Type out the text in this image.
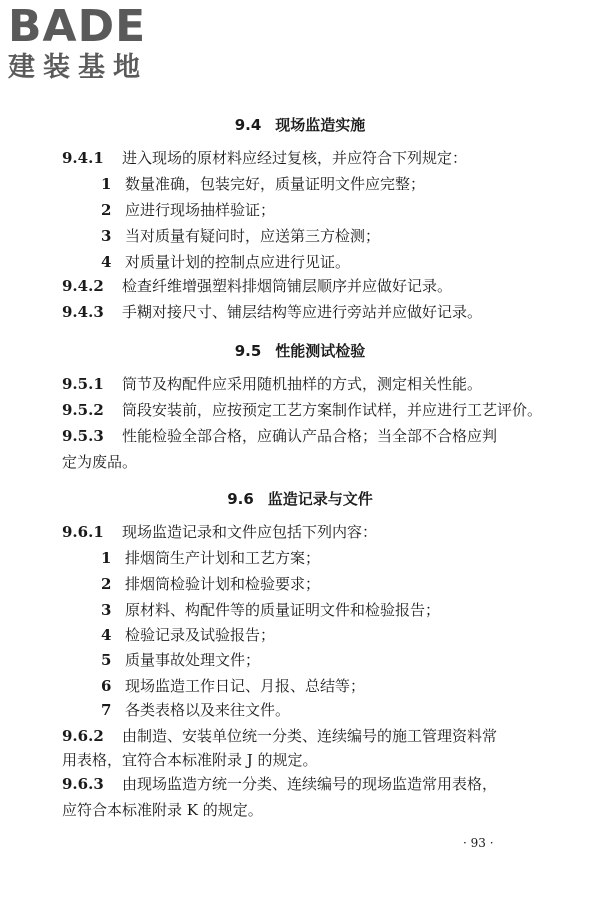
BADE
建装基地
9.4 现场监造实施
9.4.1 进入现场的原材料应经过复核，并应符合下列规定：
1 数量准确，包装完好，质量证明文件应完整；
2 应进行现场抽样验证；
3 当对质量有疑问时，应送第三方检测；
4 对质量计划的控制点应进行见证。
9.4.2 检查纤维增强塑料排烟筒铺层顺序并应做好记录。
9.4.3 手糊对接尺寸、铺层结构等应进行旁站并应做好记录。
9.5 性能测试检验
9.5.1 筒节及构配件应采用随机抽样的方式，测定相关性能。
9.5.2 筒段安装前，应按预定工艺方案制作试样，并应进行工艺评价。
9.5.3 性能检验全部合格，应确认产品合格；当全部不合格应判
定为废品。
9.6 监造记录与文件
9.6.1 现场监造记录和文件应包括下列内容：
1 排烟筒生产计划和工艺方案；
2 排烟筒检验计划和检验要求；
3 原材料、构配件等的质量证明文件和检验报告；
4 检验记录及试验报告；
5 质量事故处理文件；
6 现场监造工作日记、月报、总结等；
7 各类表格以及来往文件。
9.6.2 由制造、安装单位统一分类、连续编号的施工管理资料常
用表格，宜符合本标准附录 J 的规定。
9.6.3 由现场监造方统一分类、连续编号的现场监造常用表格，
应符合本标准附录 K 的规定。
· 93 ·
